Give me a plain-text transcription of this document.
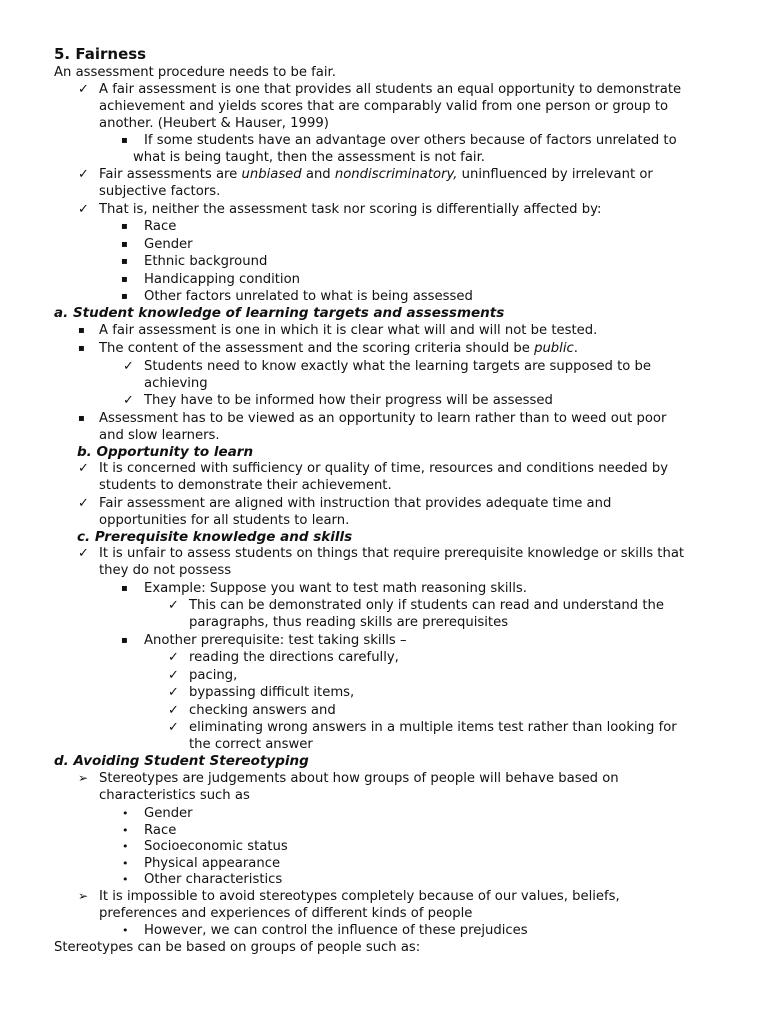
5. Fairness
An assessment procedure needs to be fair.
✓ A fair assessment is one that provides all students an equal opportunity to demonstrate
achievement and yields scores that are comparably valid from one person or group to
another. (Heubert & Hauser, 1999)
▪ If some students have an advantage over others because of factors unrelated to
what is being taught, then the assessment is not fair.
✓ Fair assessments are unbiased and nondiscriminatory, uninfluenced by irrelevant or
subjective factors.
✓ That is, neither the assessment task nor scoring is differentially affected by:
▪ Race
▪ Gender
▪ Ethnic background
▪ Handicapping condition
▪ Other factors unrelated to what is being assessed
a. Student knowledge of learning targets and assessments
▪ A fair assessment is one in which it is clear what will and will not be tested.
▪ The content of the assessment and the scoring criteria should be public.
✓ Students need to know exactly what the learning targets are supposed to be
achieving
✓ They have to be informed how their progress will be assessed
▪ Assessment has to be viewed as an opportunity to learn rather than to weed out poor
and slow learners.
b. Opportunity to learn
✓ It is concerned with sufficiency or quality of time, resources and conditions needed by
students to demonstrate their achievement.
✓ Fair assessment are aligned with instruction that provides adequate time and
opportunities for all students to learn.
c. Prerequisite knowledge and skills
✓ It is unfair to assess students on things that require prerequisite knowledge or skills that
they do not possess
▪ Example: Suppose you want to test math reasoning skills.
✓ This can be demonstrated only if students can read and understand the
paragraphs, thus reading skills are prerequisites
▪ Another prerequisite: test taking skills –
✓ reading the directions carefully,
✓ pacing,
✓ bypassing difficult items,
✓ checking answers and
✓ eliminating wrong answers in a multiple items test rather than looking for
the correct answer
d. Avoiding Student Stereotyping
➢ Stereotypes are judgements about how groups of people will behave based on
characteristics such as
• Gender
• Race
• Socioeconomic status
• Physical appearance
• Other characteristics
➢ It is impossible to avoid stereotypes completely because of our values, beliefs,
preferences and experiences of different kinds of people
• However, we can control the influence of these prejudices
Stereotypes can be based on groups of people such as:
